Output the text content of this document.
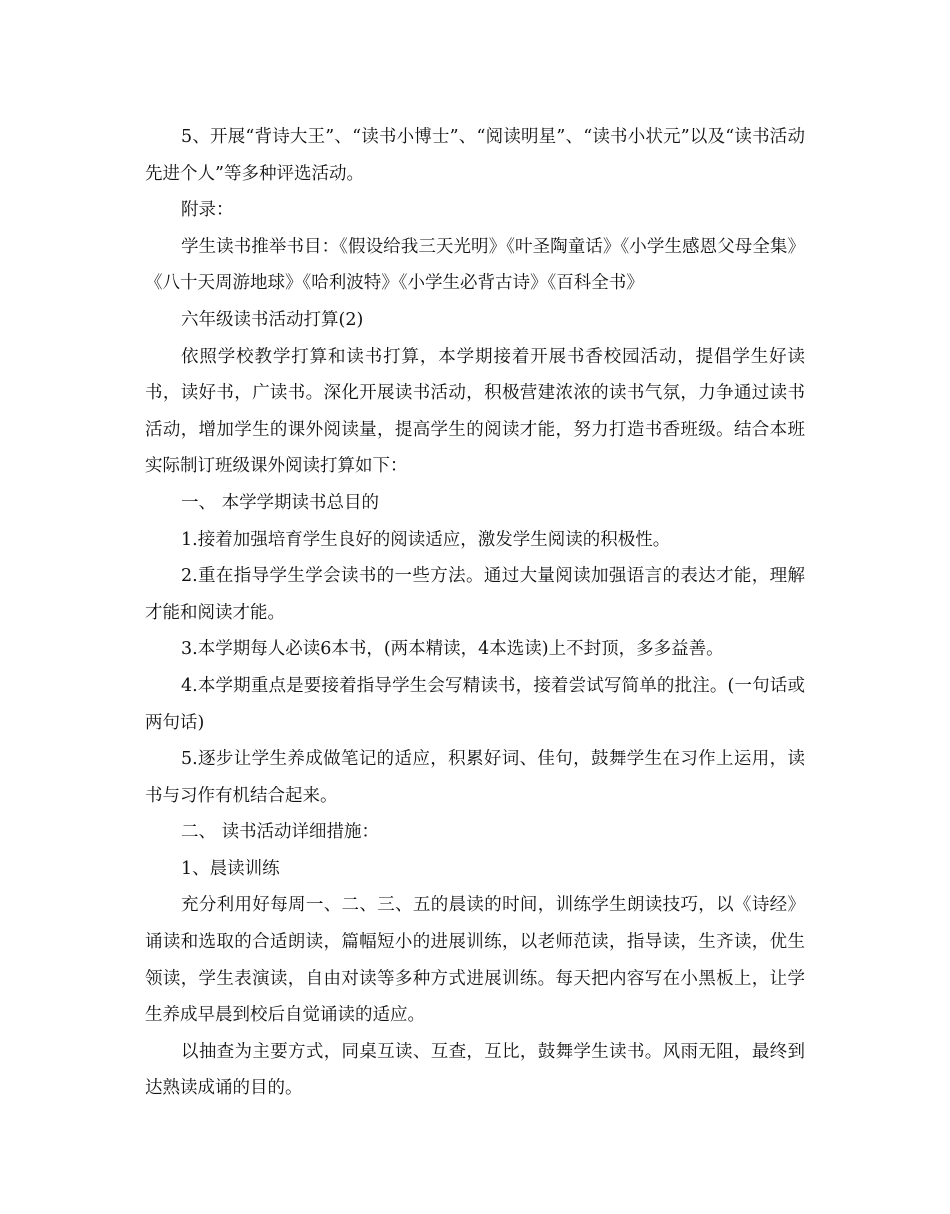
5、开展“背诗大王”、“读书小博士”、“阅读明星”、“读书小状元”以及“读书活动先进个人”等多种评选活动。

附录：

学生读书推举书目：《假设给我三天光明》《叶圣陶童话》《小学生感恩父母全集》《八十天周游地球》《哈利波特》《小学生必背古诗》《百科全书》

六年级读书活动打算(2)

依照学校教学打算和读书打算，本学期接着开展书香校园活动，提倡学生好读书，读好书，广读书。深化开展读书活动，积极营建浓浓的读书气氛，力争通过读书活动，增加学生的课外阅读量，提高学生的阅读才能，努力打造书香班级。结合本班实际制订班级课外阅读打算如下：

一、 本学学期读书总目的

1.接着加强培育学生良好的阅读适应，激发学生阅读的积极性。

2.重在指导学生学会读书的一些方法。通过大量阅读加强语言的表达才能，理解才能和阅读才能。

3.本学期每人必读6本书，(两本精读，4本选读)上不封顶，多多益善。

4.本学期重点是要接着指导学生会写精读书，接着尝试写简单的批注。(一句话或两句话)

5.逐步让学生养成做笔记的适应，积累好词、佳句，鼓舞学生在习作上运用，读书与习作有机结合起来。

二、 读书活动详细措施：

1、晨读训练

充分利用好每周一、二、三、五的晨读的时间，训练学生朗读技巧，以《诗经》诵读和选取的合适朗读，篇幅短小的进展训练，以老师范读，指导读，生齐读，优生领读，学生表演读，自由对读等多种方式进展训练。每天把内容写在小黑板上，让学生养成早晨到校后自觉诵读的适应。

以抽查为主要方式，同桌互读、互查，互比，鼓舞学生读书。风雨无阻，最终到达熟读成诵的目的。
